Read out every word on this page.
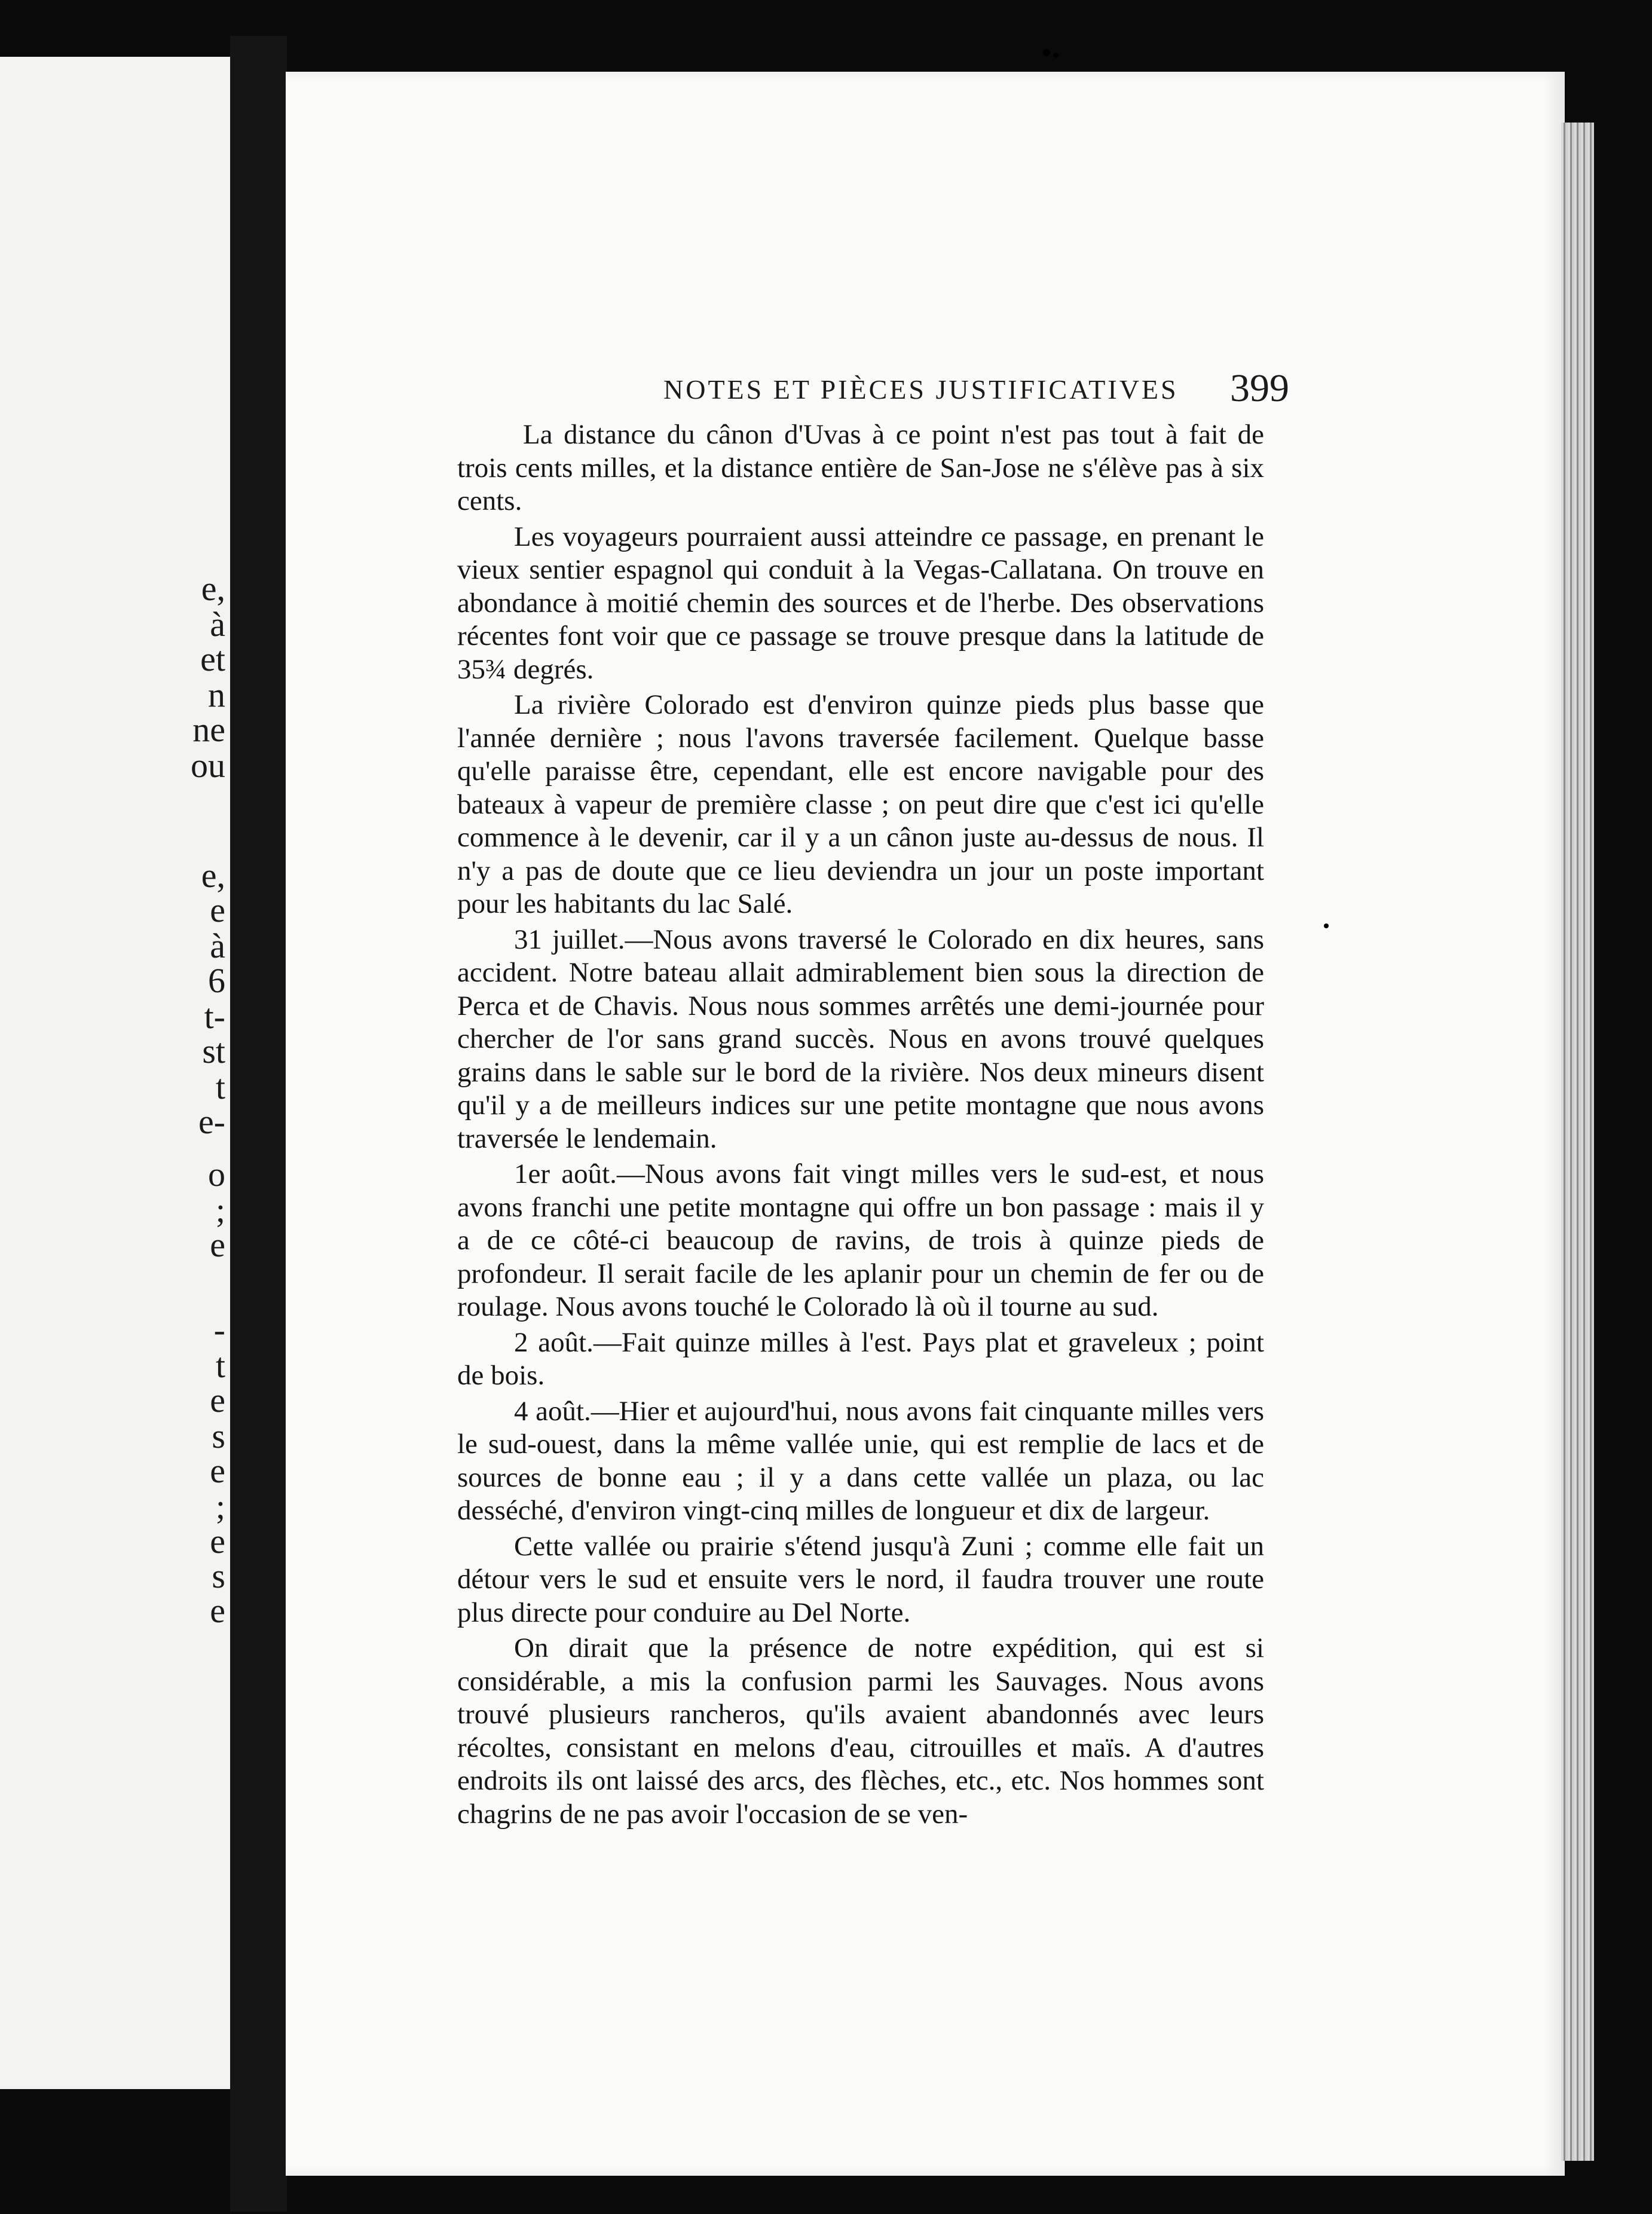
e,
à
et
n
ne
ou
e,
e
à
6
t-
st
t
e-
o
;
e
-
t
e
s
e
;
e
s
e
NOTES ET PIÈCES JUSTIFICATIVES 399

La distance du cânon d'Uvas à ce point n'est pas tout à fait de trois cents milles, et la distance entière de San-Jose ne s'élève pas à six cents.

Les voyageurs pourraient aussi atteindre ce passage, en prenant le vieux sentier espagnol qui conduit à la Vegas-Callatana. On trouve en abondance à moitié chemin des sources et de l'herbe. Des observations récentes font voir que ce passage se trouve presque dans la latitude de 35¾ degrés.

La rivière Colorado est d'environ quinze pieds plus basse que l'année dernière ; nous l'avons traversée facilement. Quelque basse qu'elle paraisse être, cependant, elle est encore navigable pour des bateaux à vapeur de première classe ; on peut dire que c'est ici qu'elle commence à le devenir, car il y a un cânon juste au-dessus de nous. Il n'y a pas de doute que ce lieu deviendra un jour un poste important pour les habitants du lac Salé.

31 juillet.—Nous avons traversé le Colorado en dix heures, sans accident. Notre bateau allait admirablement bien sous la direction de Perca et de Chavis. Nous nous sommes arrêtés une demi-journée pour chercher de l'or sans grand succès. Nous en avons trouvé quelques grains dans le sable sur le bord de la rivière. Nos deux mineurs disent qu'il y a de meilleurs indices sur une petite montagne que nous avons traversée le lendemain.

1er août.—Nous avons fait vingt milles vers le sud-est, et nous avons franchi une petite montagne qui offre un bon passage : mais il y a de ce côté-ci beaucoup de ravins, de trois à quinze pieds de profondeur. Il serait facile de les aplanir pour un chemin de fer ou de roulage. Nous avons touché le Colorado là où il tourne au sud.

2 août.—Fait quinze milles à l'est. Pays plat et graveleux ; point de bois.

4 août.—Hier et aujourd'hui, nous avons fait cinquante milles vers le sud-ouest, dans la même vallée unie, qui est remplie de lacs et de sources de bonne eau ; il y a dans cette vallée un plaza, ou lac desséché, d'environ vingt-cinq milles de longueur et dix de largeur.

Cette vallée ou prairie s'étend jusqu'à Zuni ; comme elle fait un détour vers le sud et ensuite vers le nord, il faudra trouver une route plus directe pour conduire au Del Norte.

On dirait que la présence de notre expédition, qui est si considérable, a mis la confusion parmi les Sauvages. Nous avons trouvé plusieurs rancheros, qu'ils avaient abandonnés avec leurs récoltes, consistant en melons d'eau, citrouilles et maïs. A d'autres endroits ils ont laissé des arcs, des flèches, etc., etc. Nos hommes sont chagrins de ne pas avoir l'occasion de se ven-
